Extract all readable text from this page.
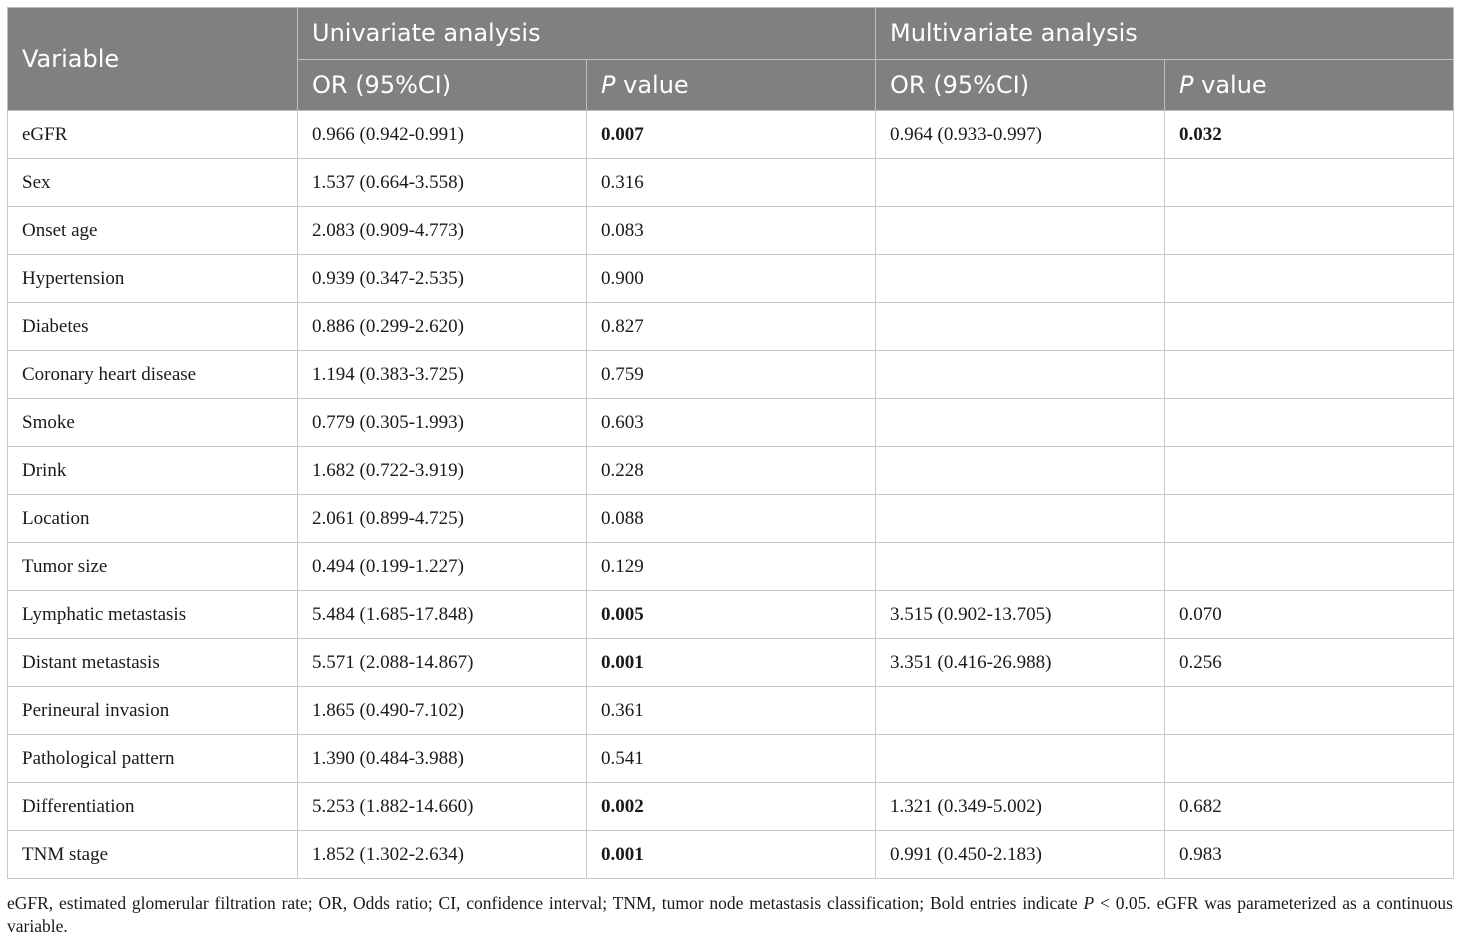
Variable	Univariate analysis		Multivariate analysis	
	OR (95%CI)	P value	OR (95%CI)	P value
eGFR	0.966 (0.942-0.991)	0.007	0.964 (0.933-0.997)	0.032
Sex	1.537 (0.664-3.558)	0.316		
Onset age	2.083 (0.909-4.773)	0.083		
Hypertension	0.939 (0.347-2.535)	0.900		
Diabetes	0.886 (0.299-2.620)	0.827		
Coronary heart disease	1.194 (0.383-3.725)	0.759		
Smoke	0.779 (0.305-1.993)	0.603		
Drink	1.682 (0.722-3.919)	0.228		
Location	2.061 (0.899-4.725)	0.088		
Tumor size	0.494 (0.199-1.227)	0.129		
Lymphatic metastasis	5.484 (1.685-17.848)	0.005	3.515 (0.902-13.705)	0.070
Distant metastasis	5.571 (2.088-14.867)	0.001	3.351 (0.416-26.988)	0.256
Perineural invasion	1.865 (0.490-7.102)	0.361		
Pathological pattern	1.390 (0.484-3.988)	0.541		
Differentiation	5.253 (1.882-14.660)	0.002	1.321 (0.349-5.002)	0.682
TNM stage	1.852 (1.302-2.634)	0.001	0.991 (0.450-2.183)	0.983
eGFR, estimated glomerular filtration rate; OR, Odds ratio; CI, confidence interval; TNM, tumor node metastasis classification; Bold entries indicate P < 0.05. eGFR was parameterized as a continuous variable.
